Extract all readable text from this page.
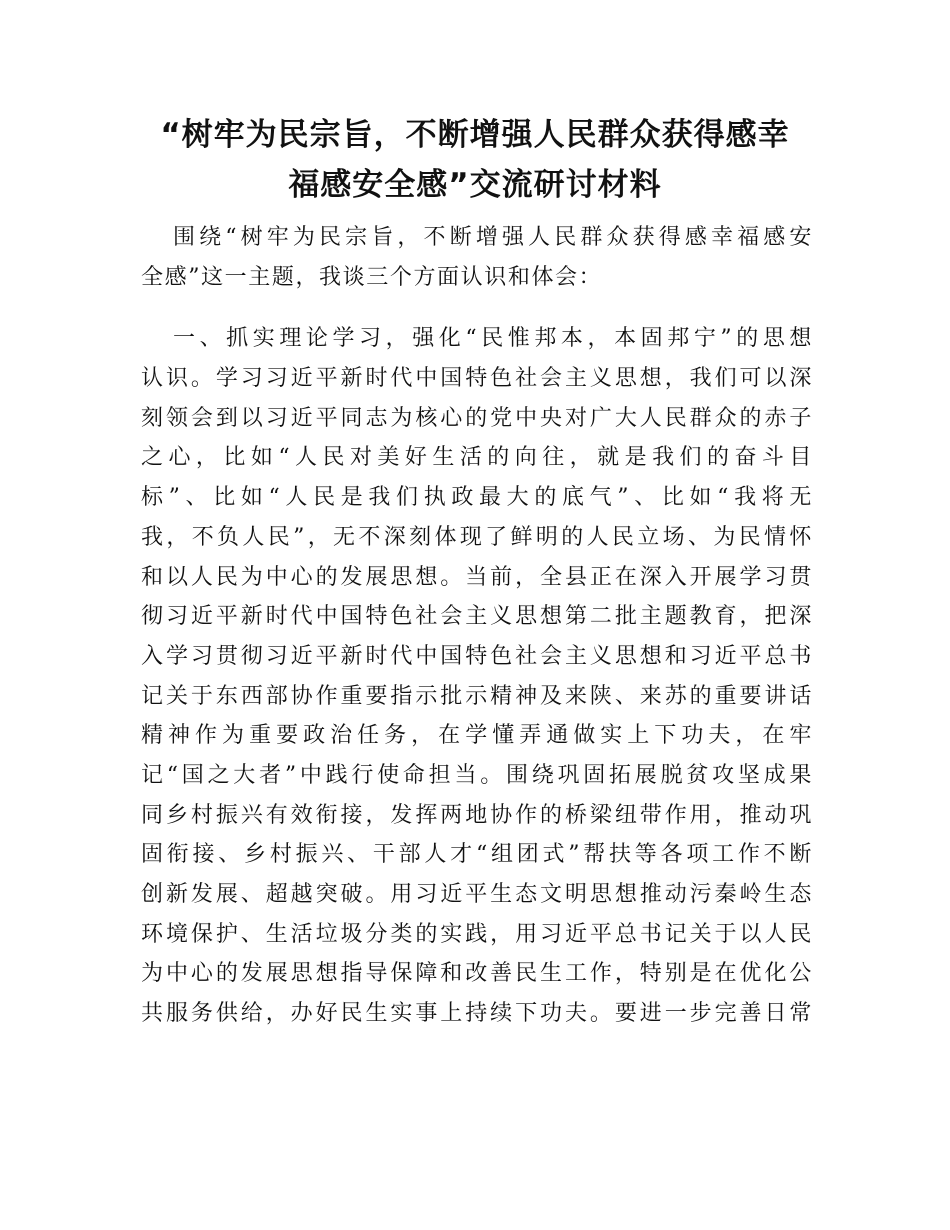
“树牢为民宗旨，不断增强人民群众获得感幸
福感安全感”交流研讨材料
围绕“树牢为民宗旨，不断增强人民群众获得感幸福感安
全感”这一主题，我谈三个方面认识和体会：
一、抓实理论学习，强化“民惟邦本，本固邦宁”的思想
认识。学习习近平新时代中国特色社会主义思想，我们可以深
刻领会到以习近平同志为核心的党中央对广大人民群众的赤子
之心，比如“人民对美好生活的向往，就是我们的奋斗目
标”、比如“人民是我们执政最大的底气”、比如“我将无
我，不负人民”，无不深刻体现了鲜明的人民立场、为民情怀
和以人民为中心的发展思想。当前，全县正在深入开展学习贯
彻习近平新时代中国特色社会主义思想第二批主题教育，把深
入学习贯彻习近平新时代中国特色社会主义思想和习近平总书
记关于东西部协作重要指示批示精神及来陕、来苏的重要讲话
精神作为重要政治任务，在学懂弄通做实上下功夫，在牢
记“国之大者”中践行使命担当。围绕巩固拓展脱贫攻坚成果
同乡村振兴有效衔接，发挥两地协作的桥梁纽带作用，推动巩
固衔接、乡村振兴、干部人才“组团式”帮扶等各项工作不断
创新发展、超越突破。用习近平生态文明思想推动污秦岭生态
环境保护、生活垃圾分类的实践，用习近平总书记关于以人民
为中心的发展思想指导保障和改善民生工作，特别是在优化公
共服务供给，办好民生实事上持续下功夫。要进一步完善日常
